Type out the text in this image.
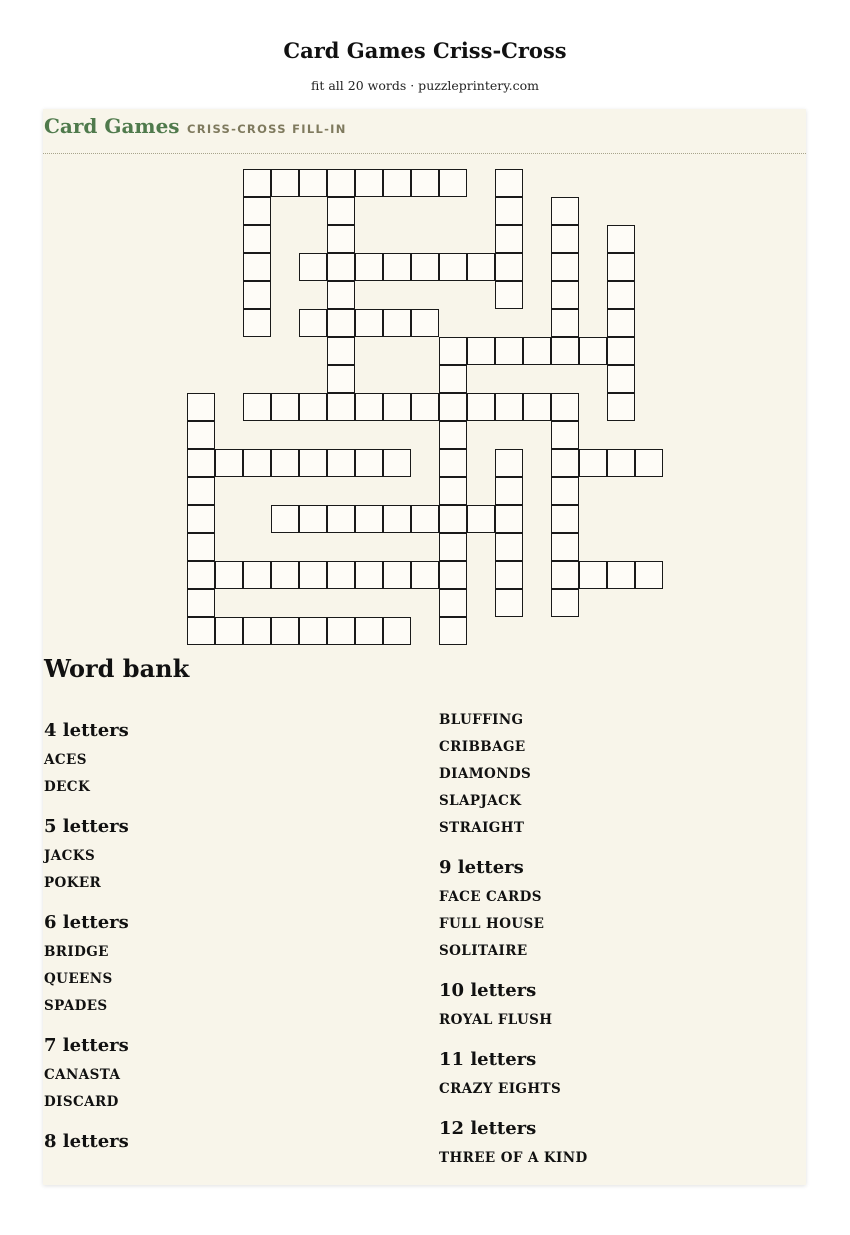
Card Games Criss-Cross
fit all 20 words · puzzleprintery.com
Card Games CRISS-CROSS FILL-IN
Word bank
4 letters
ACES
DECK
5 letters
JACKS
POKER
6 letters
BRIDGE
QUEENS
SPADES
7 letters
CANASTA
DISCARD
8 letters
BLUFFING
CRIBBAGE
DIAMONDS
SLAPJACK
STRAIGHT
9 letters
FACE CARDS
FULL HOUSE
SOLITAIRE
10 letters
ROYAL FLUSH
11 letters
CRAZY EIGHTS
12 letters
THREE OF A KIND
